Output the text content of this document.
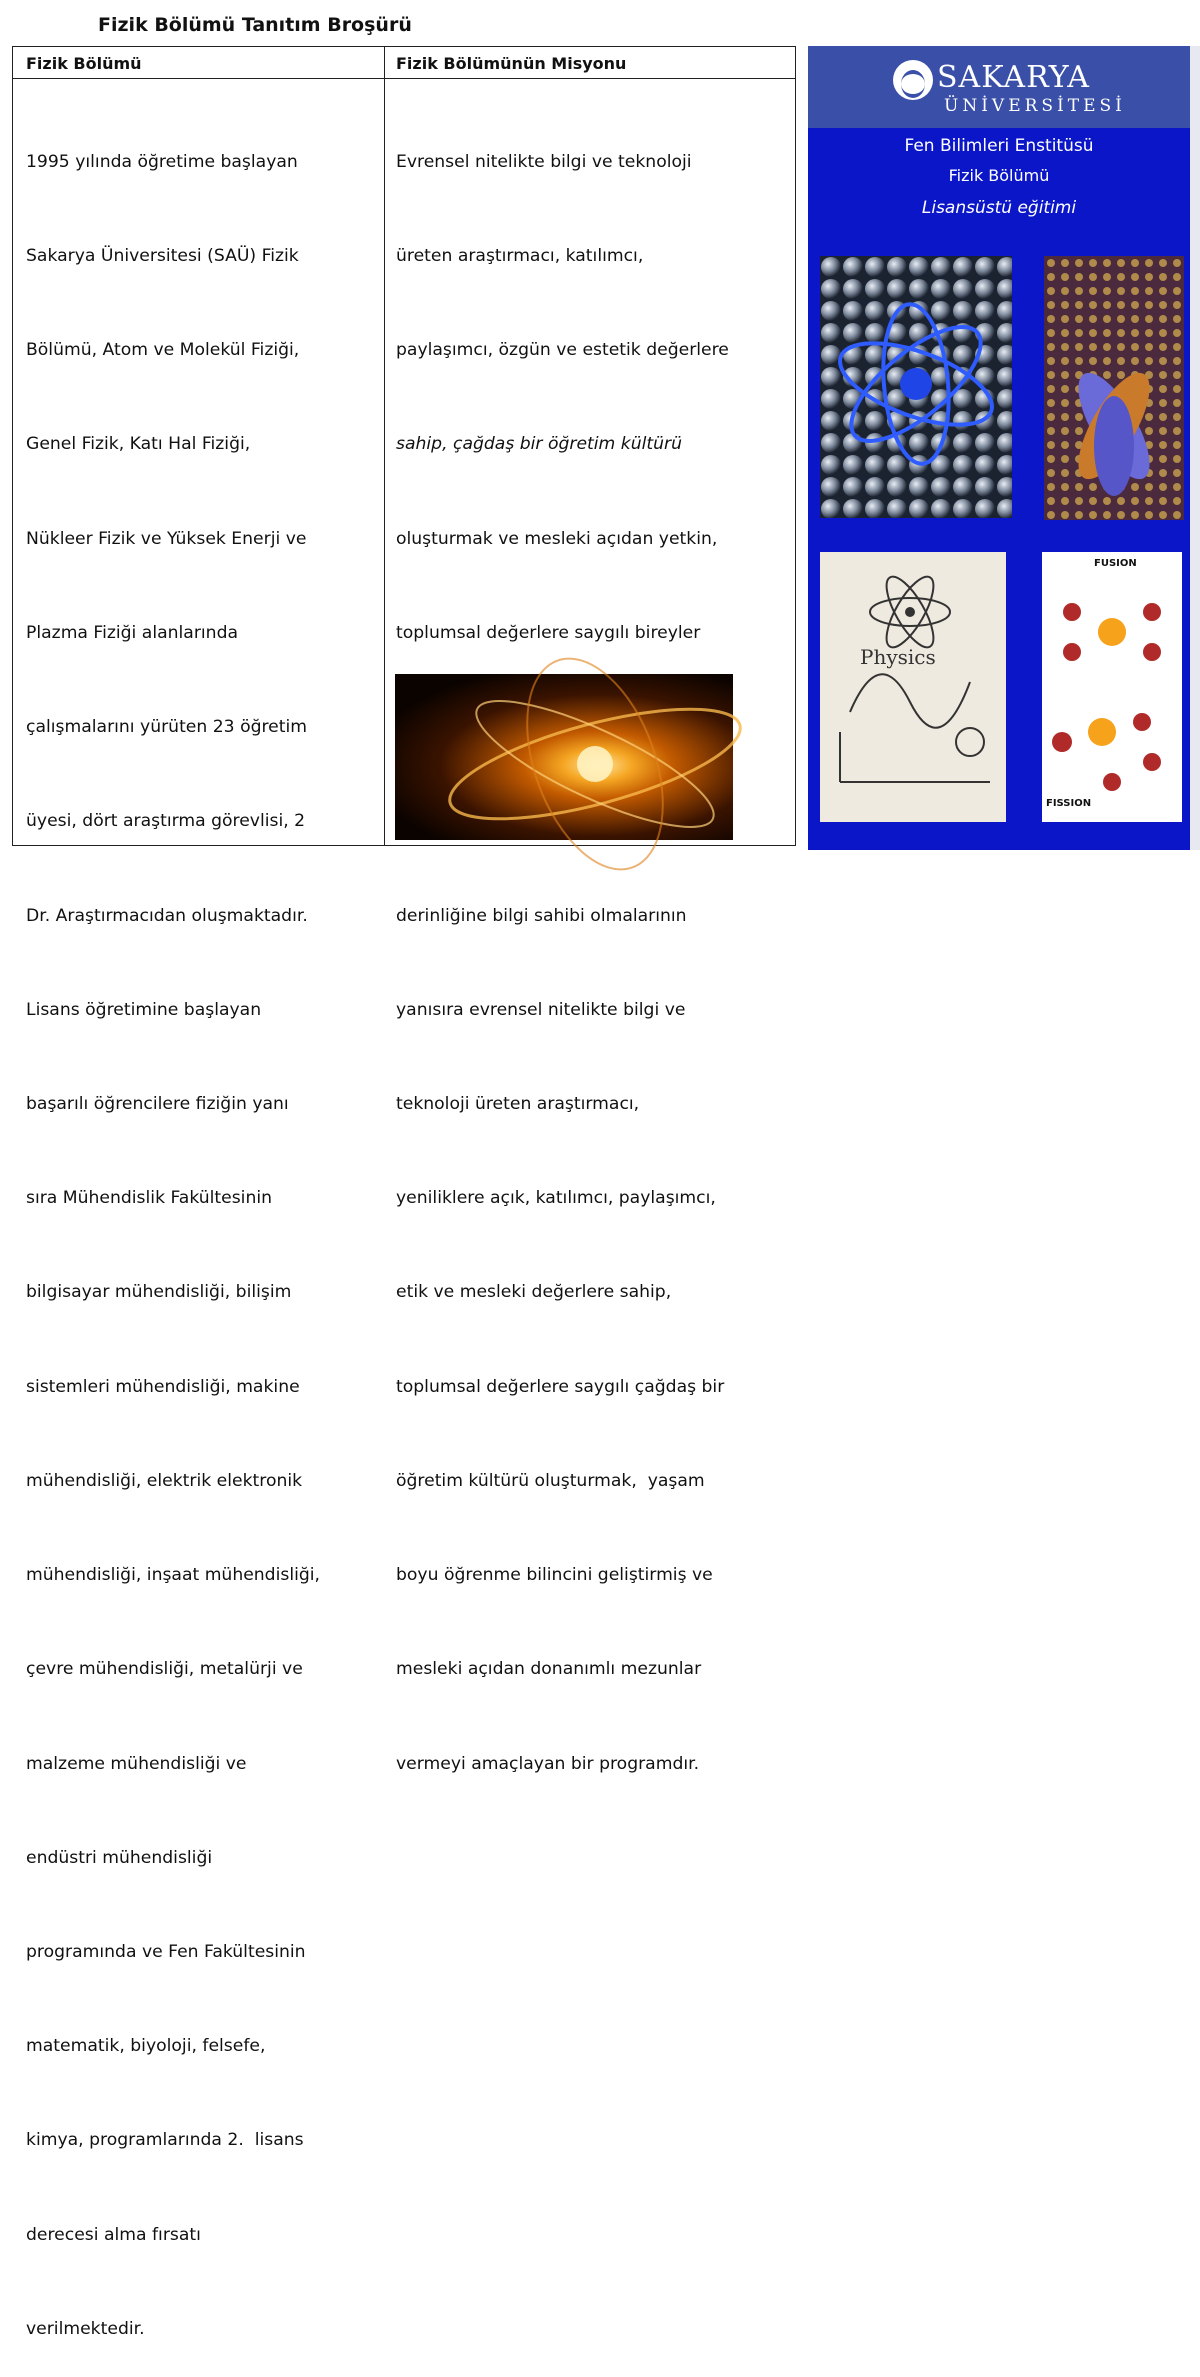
Fizik Bölümü Tanıtım Broşürü
Fizik Bölümü	Fizik Bölümünün Misyonu

1995 yılında öğretime başlayan

Sakarya Üniversitesi (SAÜ) Fizik

Bölümü, Atom ve Molekül Fiziği,

Genel Fizik, Katı Hal Fiziği,

Nükleer Fizik ve Yüksek Enerji ve

Plazma Fiziği alanlarında

çalışmalarını yürüten 23 öğretim

üyesi, dört araştırma görevlisi, 2

Dr. Araştırmacıdan oluşmaktadır.

Lisans öğretimine başlayan

başarılı öğrencilere fiziğin yanı

sıra Mühendislik Fakültesinin

bilgisayar mühendisliği, bilişim

sistemleri mühendisliği, makine

mühendisliği, elektrik elektronik

mühendisliği, inşaat mühendisliği,

çevre mühendisliği, metalürji ve

malzeme mühendisliği ve

endüstri mühendisliği

programında ve Fen Fakültesinin

matematik, biyoloji, felsefe,

kimya, programlarında 2.  lisans

derecesi alma fırsatı

verilmektedir.

Evrensel nitelikte bilgi ve teknoloji

üreten araştırmacı, katılımcı,

paylaşımcı, özgün ve estetik değerlere

sahip, çağdaş bir öğretim kültürü

oluşturmak ve mesleki açıdan yetkin,

toplumsal değerlere saygılı bireyler

derinliğine bilgi sahibi olmalarının

yanısıra evrensel nitelikte bilgi ve

teknoloji üreten araştırmacı,

yeniliklere açık, katılımcı, paylaşımcı,

etik ve mesleki değerlere sahip,

toplumsal değerlere saygılı çağdaş bir

öğretim kültürü oluşturmak,  yaşam

boyu öğrenme bilincini geliştirmiş ve

mesleki açıdan donanımlı mezunlar

vermeyi amaçlayan bir programdır.

SAKARYA
ÜNİVERSİTESİ
Fen Bilimleri Enstitüsü
Fizik Bölümü
Lisansüstü eğitimi
Physics
FUSION
FISSION
